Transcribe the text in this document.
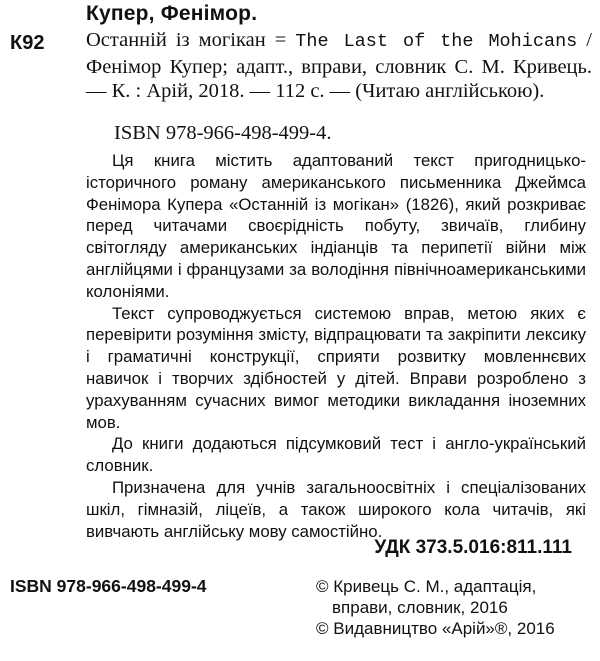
Купер, Фенімор.
К92 Останній із могікан = The Last of the Mohicans / Фенімор Купер; адапт., вправи, словник С. М. Кривець. — К. : Арій, 2018. — 112 с. — (Читаю англійською).
ISBN 978-966-498-499-4.

Ця книга містить адаптований текст пригодницько-історичного роману американського письменника Джеймса Фенімора Купера «Останній із могікан» (1826), який розкриває перед читачами своєрідність побуту, звичаїв, глибину світогляду американських індіанців та перипетії війни між англійцями і французами за володіння північноамериканськими колоніями.

Текст супроводжується системою вправ, метою яких є перевірити розуміння змісту, відпрацювати та закріпити лексику і граматичні конструкції, сприяти розвитку мовленнєвих навичок і творчих здібностей у дітей. Вправи розроблено з урахуванням сучасних вимог методики викладання іноземних мов.

До книги додаються підсумковий тест і англо-український словник.

Призначена для учнів загальноосвітніх і спеціалізованих шкіл, гімназій, ліцеїв, а також широкого кола читачів, які вивчають англійську мову самостійно.

УДК 373.5.016:811.111
ISBN 978-966-498-499-4	© Кривець С. М., адаптація,
вправи, словник, 2016
© Видавництво «Арій»®, 2016
